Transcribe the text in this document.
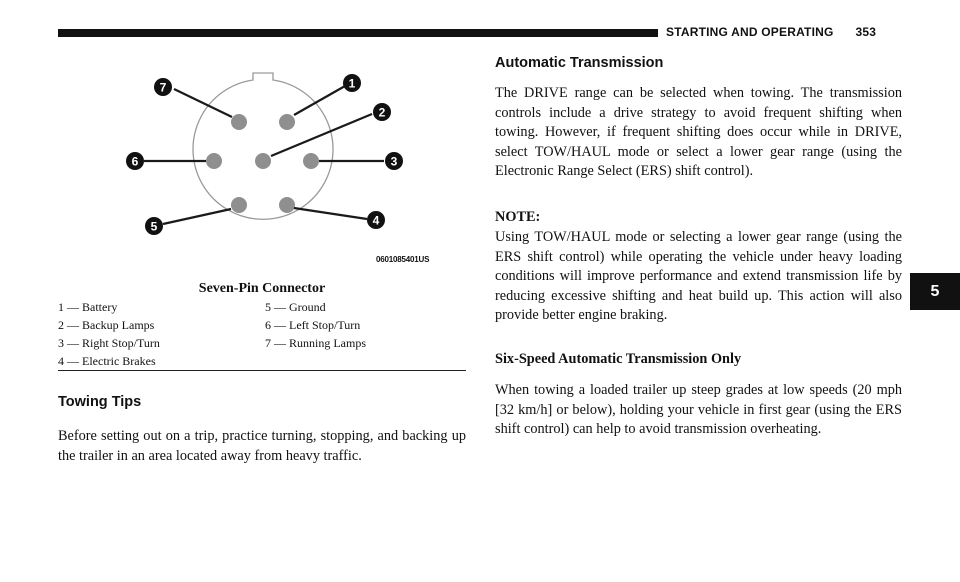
STARTING AND OPERATING 353
5
1
2
3
4
5
6
7
0601085401US
Seven-Pin Connector
1 — Battery	5 — Ground
2 — Backup Lamps	6 — Left Stop/Turn
3 — Right Stop/Turn	7 — Running Lamps
4 — Electric Brakes
Towing Tips
Before setting out on a trip, practice turning, stopping, and backing up the trailer in an area located away from heavy traffic.
Automatic Transmission
The DRIVE range can be selected when towing. The transmission controls include a drive strategy to avoid frequent shifting when towing. However, if frequent shifting does occur while in DRIVE, select TOW/HAUL mode or select a lower gear range (using the Electronic Range Select (ERS) shift control).
NOTE:
Using TOW/HAUL mode or selecting a lower gear range (using the ERS shift control) while operating the vehicle under heavy loading conditions will improve performance and extend transmission life by reducing excessive shifting and heat build up. This action will also provide better engine braking.
Six-Speed Automatic Transmission Only
When towing a loaded trailer up steep grades at low speeds (20 mph [32 km/h] or below), holding your vehicle in first gear (using the ERS shift control) can help to avoid transmission overheating.
